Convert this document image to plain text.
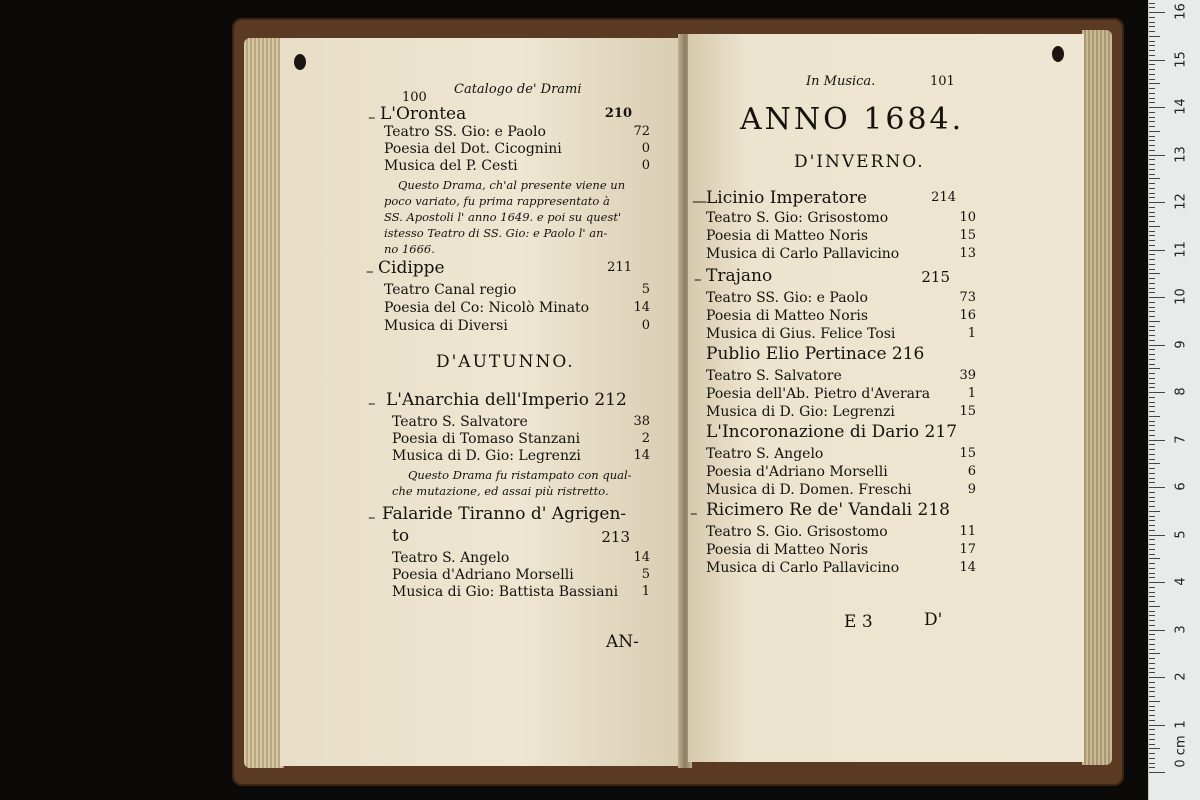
100
Catalogo de' Drami
– L'Orontea	210
Teatro SS. Gio: e Paolo	72
Poesia del Dot. Cicognini	0
Musica del P. Cesti	0
Questo Drama, ch'al presente viene un
poco variato, fu prima rappresentato à
SS. Apostoli l' anno 1649. e poi su quest'
istesso Teatro di SS. Gio: e Paolo l' an-
no 1666.
– Cidippe	211
Teatro Canal regio	5
Poesia del Co: Nicolò Minato	14
Musica di Diversi	0
D'AUTUNNO.
– L'Anarchia dell'Imperio 212
Teatro S. Salvatore	38
Poesia di Tomaso Stanzani	2
Musica di D. Gio: Legrenzi	14
Questo Drama fu ristampato con qual-
che mutazione, ed assai più ristretto.
– Falaride Tiranno d' Agrigen-
to	213
Teatro S. Angelo	14
Poesia d'Adriano Morselli	5
Musica di Gio: Battista Bassiani	1
AN-
In Musica.	101
ANNO 1684.
D'INVERNO.
— Licinio Imperatore	214
Teatro S. Gio: Grisostomo	10
Poesia di Matteo Noris	15
Musica di Carlo Pallavicino	13
– Trajano	215
Teatro SS. Gio: e Paolo	73
Poesia di Matteo Noris	16
Musica di Gius. Felice Tosi	1
Publio Elio Pertinace 216
Teatro S. Salvatore	39
Poesia dell'Ab. Pietro d'Averara	1
Musica di D. Gio: Legrenzi	15
L'Incoronazione di Dario 217
Teatro S. Angelo	15
Poesia d'Adriano Morselli	6
Musica di D. Domen. Freschi	9
– Ricimero Re de' Vandali 218
Teatro S. Gio. Grisostomo	11
Poesia di Matteo Noris	17
Musica di Carlo Pallavicino	14
E 3	D'
0 cm
1
2
3
4
5
6
7
8
9
10
11
12
13
14
15
16
